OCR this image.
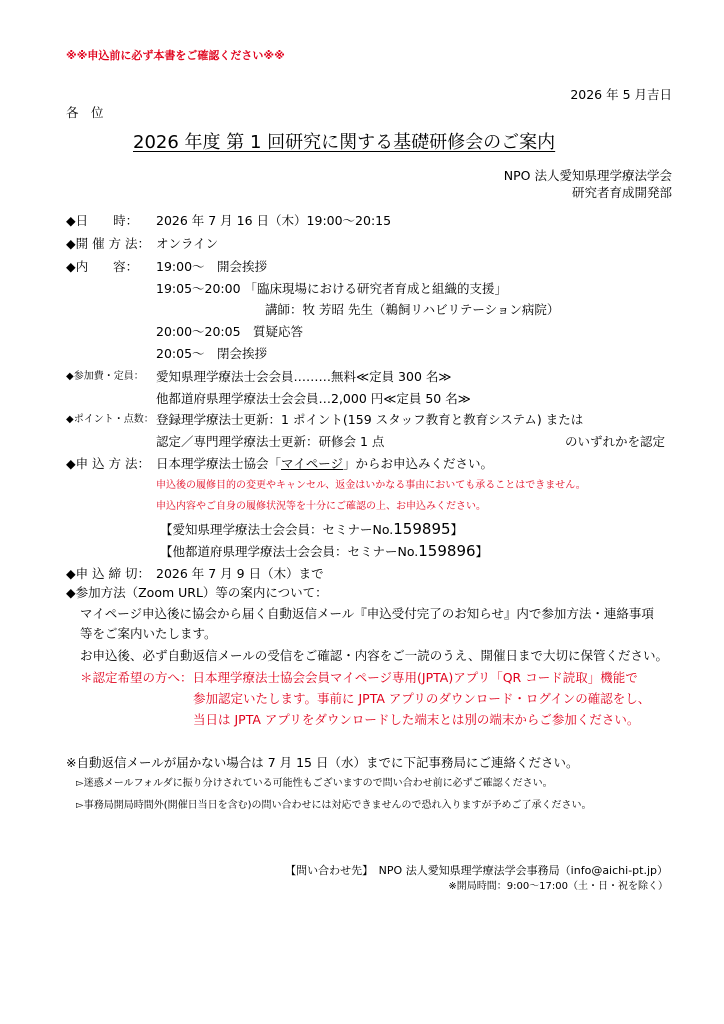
※※申込前に必ず本書をご確認ください※※
2026 年 5 月吉日
各　位
2026 年度 第 1 回研究に関する基礎研修会のご案内
NPO 法人愛知県理学療法学会
研究者育成開発部
◆日　　時： 2026 年 7 月 16 日（木）19:00～20:15
◆開 催 方 法： オンライン
◆内　　容： 19:00～　開会挨拶
19:05～20:00 「臨床現場における研究者育成と組織的支援」
講師：牧 芳昭 先生（鵜飼リハビリテーション病院）
20:00～20:05　質疑応答
20:05～　閉会挨拶
◆参加費・定員： 愛知県理学療法士会会員………無料≪定員 300 名≫
他都道府県理学療法士会会員…2,000 円≪定員 50 名≫
◆ポイント・点数： 登録理学療法士更新：1 ポイント(159 スタッフ教育と教育システム) または
認定／専門理学療法士更新：研修会 1 点	のいずれかを認定
◆申 込 方 法： 日本理学療法士協会「マイページ」からお申込みください。
申込後の履修目的の変更やキャンセル、返金はいかなる事由においても承ることはできません。
申込内容やご自身の履修状況等を十分にご確認の上、お申込みください。
【愛知県理学療法士会会員：セミナーNo.159895】
【他都道府県理学療法士会会員：セミナーNo.159896】
◆申 込 締 切： 2026 年 7 月 9 日（木）まで
◆参加方法（Zoom URL）等の案内について：
マイページ申込後に協会から届く自動返信メール『申込受付完了のお知らせ』内で参加方法・連絡事項
等をご案内いたします。
お申込後、必ず自動返信メールの受信をご確認・内容をご一読のうえ、開催日まで大切に保管ください。
＊認定希望の方へ：日本理学療法士協会会員マイページ専用(JPTA)アプリ「QR コード読取」機能で
参加認定いたします。事前に JPTA アプリのダウンロード・ログインの確認をし、
当日は JPTA アプリをダウンロードした端末とは別の端末からご参加ください。
※自動返信メールが届かない場合は 7 月 15 日（水）までに下記事務局にご連絡ください。
▻迷惑メールフォルダに振り分けされている可能性もございますので問い合わせ前に必ずご確認ください。
▻事務局開局時間外(開催日当日を含む)の問い合わせには対応できませんので恐れ入りますが予めご了承ください。
【問い合わせ先】　NPO 法人愛知県理学療法学会事務局（info@aichi-pt.jp）
※開局時間：9:00～17:00（土・日・祝を除く）
